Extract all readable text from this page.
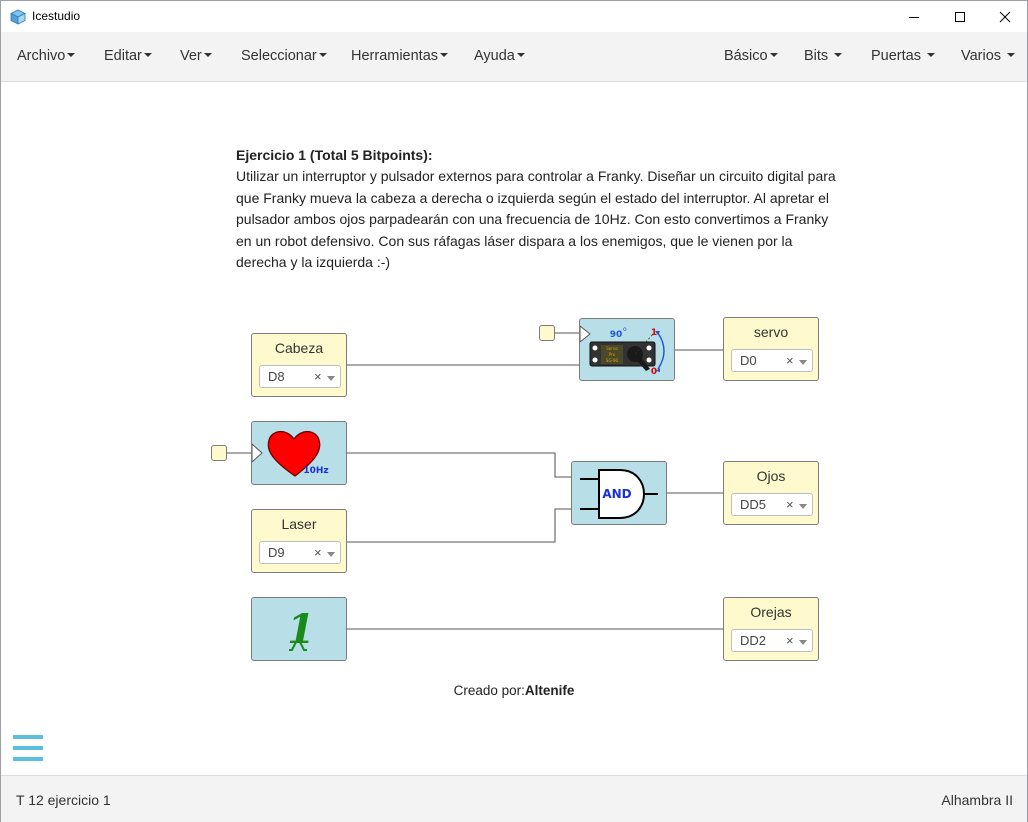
Icestudio
Archivo	Editar	Ver	Seleccionar	Herramientas	Ayuda	Básico	Bits	Puertas	Varios
Ejercicio 1 (Total 5 Bitpoints):
Utilizar un interruptor y pulsador externos para controlar a Franky. Diseñar un circuito digital para que Franky mueva la cabeza a derecha o izquierda según el estado del interruptor. Al apretar el pulsador ambos ojos parpadearán con una frecuencia de 10Hz. Con esto convertimos a Franky en un robot defensivo. Con sus ráfagas láser dispara a los enemigos, que le vienen por la derecha y la izquierda :-)
Cabeza
D8 ×
Servo
Pro
SG-90
90
o	1
0
servo
D0 ×
10Hz
AND
Ojos
DD5 ×
Laser
D9 ×
1	Orejas
DD2 ×
Creado por:Altenife
T 12 ejercicio 1	Alhambra II
